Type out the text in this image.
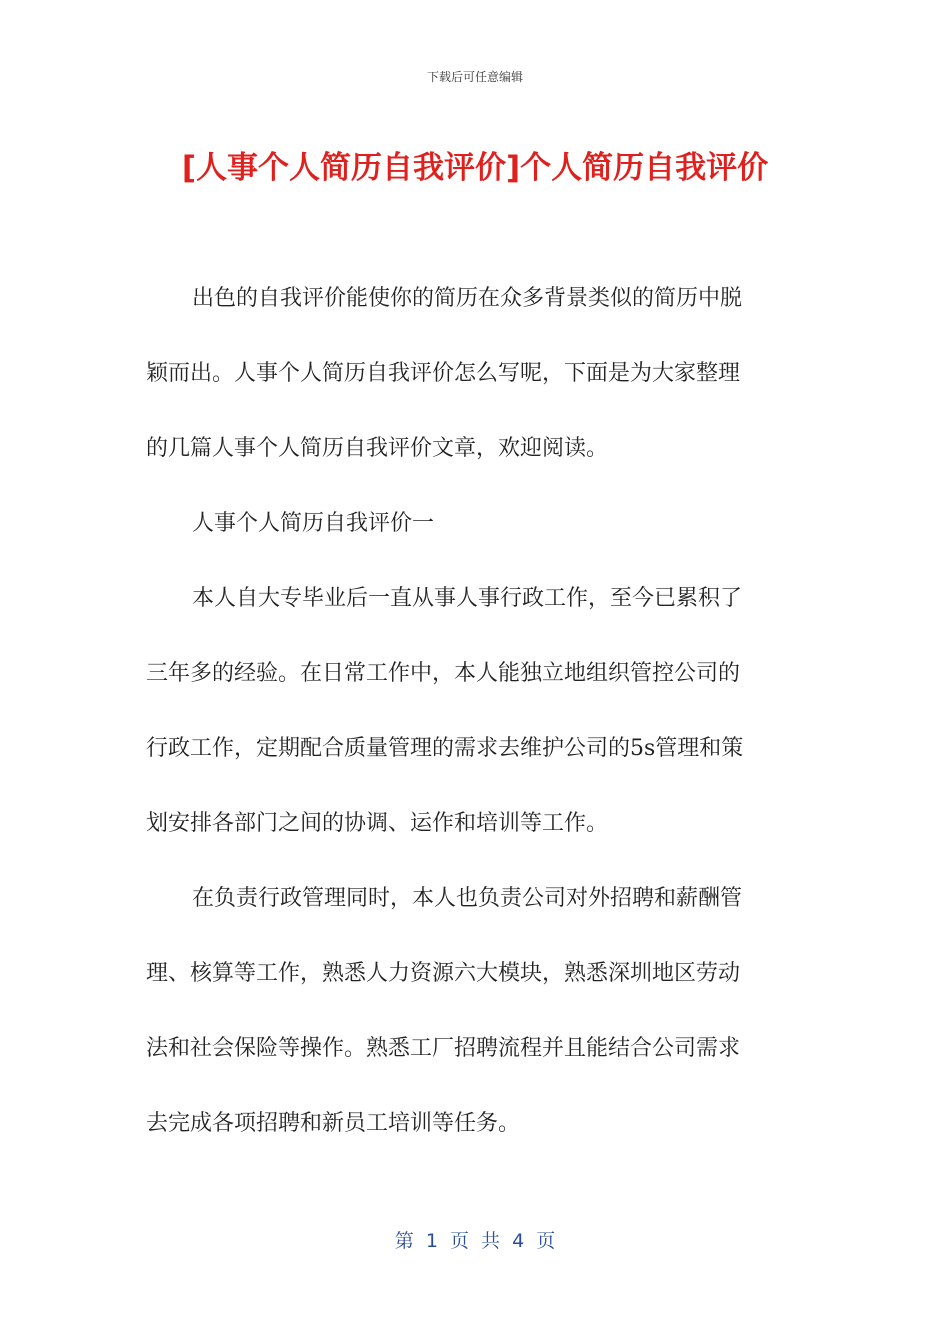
下载后可任意编辑
[人事个人简历自我评价]个人简历自我评价
出色的自我评价能使你的简历在众多背景类似的简历中脱
颖而出。人事个人简历自我评价怎么写呢，下面是为大家整理
的几篇人事个人简历自我评价文章，欢迎阅读。
人事个人简历自我评价一
本人自大专毕业后一直从事人事行政工作，至今已累积了
三年多的经验。在日常工作中，本人能独立地组织管控公司的
行政工作，定期配合质量管理的需求去维护公司的5s管理和策
划安排各部门之间的协调、运作和培训等工作。
在负责行政管理同时，本人也负责公司对外招聘和薪酬管
理、核算等工作，熟悉人力资源六大模块，熟悉深圳地区劳动
法和社会保险等操作。熟悉工厂招聘流程并且能结合公司需求
去完成各项招聘和新员工培训等任务。
第 1 页 共 4 页
